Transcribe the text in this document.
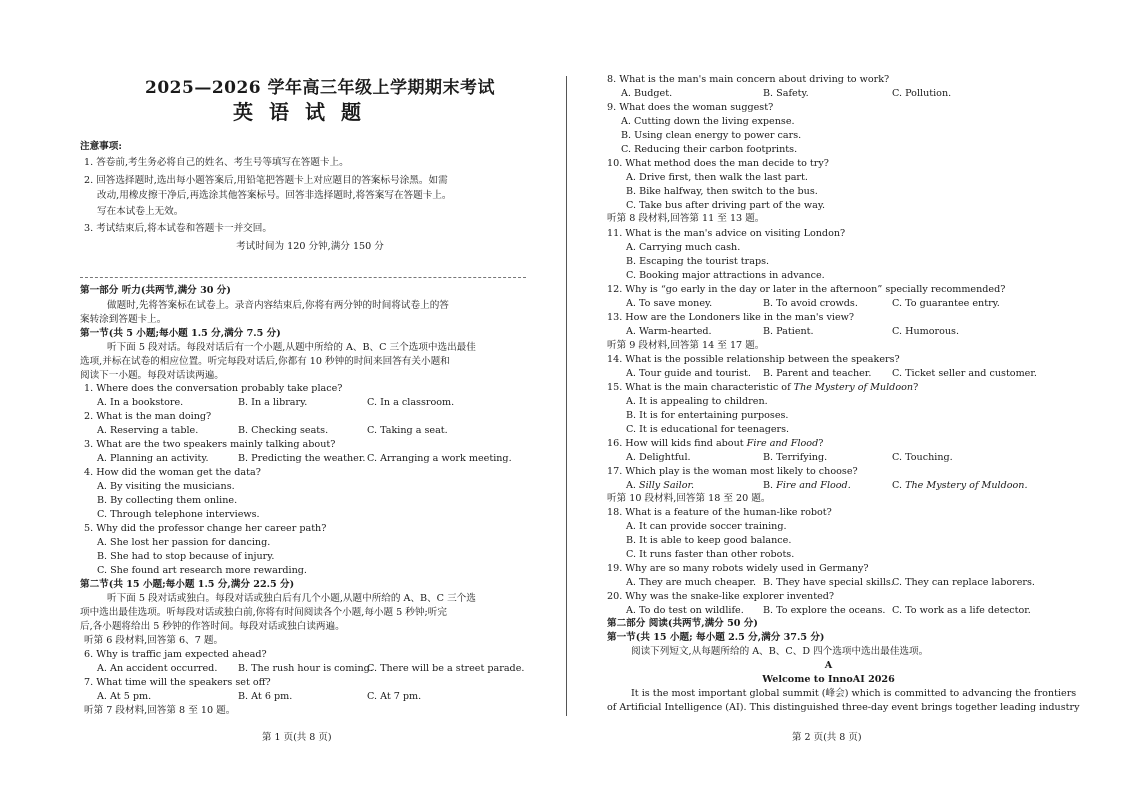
2025—2026 学年高三年级上学期期末考试
英语试题
注意事项:
1. 答卷前,考生务必将自己的姓名、考生号等填写在答题卡上。
2. 回答选择题时,选出每小题答案后,用铅笔把答题卡上对应题目的答案标号涂黑。如需
改动,用橡皮擦干净后,再选涂其他答案标号。回答非选择题时,将答案写在答题卡上。
写在本试卷上无效。
3. 考试结束后,将本试卷和答题卡一并交回。
考试时间为 120 分钟,满分 150 分
第一部分 听力(共两节,满分 30 分)
做题时,先将答案标在试卷上。录音内容结束后,你将有两分钟的时间将试卷上的答
案转涂到答题卡上。
第一节(共 5 小题;每小题 1.5 分,满分 7.5 分)
听下面 5 段对话。每段对话后有一个小题,从题中所给的 A、B、C 三个选项中选出最佳
选项,并标在试卷的相应位置。听完每段对话后,你都有 10 秒钟的时间来回答有关小题和
阅读下一小题。每段对话读两遍。
1. Where does the conversation probably take place?
A. In a bookstore.	B. In a library.	C. In a classroom.
2. What is the man doing?
A. Reserving a table.	B. Checking seats.	C. Taking a seat.
3. What are the two speakers mainly talking about?
A. Planning an activity.	B. Predicting the weather. C. Arranging a work meeting.
4. How did the woman get the data?
A. By visiting the musicians.
B. By collecting them online.
C. Through telephone interviews.
5. Why did the professor change her career path?
A. She lost her passion for dancing.
B. She had to stop because of injury.
C. She found art research more rewarding.
第二节(共 15 小题;每小题 1.5 分,满分 22.5 分)
听下面 5 段对话或独白。每段对话或独白后有几个小题,从题中所给的 A、B、C 三个选
项中选出最佳选项。听每段对话或独白前,你将有时间阅读各个小题,每小题 5 秒钟;听完
后,各小题将给出 5 秒钟的作答时间。每段对话或独白读两遍。
听第 6 段材料,回答第 6、7 题。
6. Why is traffic jam expected ahead?
A. An accident occurred. B. The rush hour is coming.
C. There will be a street parade.
7. What time will the speakers set off?
A. At 5 pm.	B. At 6 pm.	C. At 7 pm.
听第 7 段材料,回答第 8 至 10 题。
8. What is the man's main concern about driving to work?
A. Budget.	B. Safety.	C. Pollution.
9. What does the woman suggest?
A. Cutting down the living expense.
B. Using clean energy to power cars.
C. Reducing their carbon footprints.
10. What method does the man decide to try?
A. Drive first, then walk the last part.
B. Bike halfway, then switch to the bus.
C. Take bus after driving part of the way.
听第 8 段材料,回答第 11 至 13 题。
11. What is the man's advice on visiting London?
A. Carrying much cash.
B. Escaping the tourist traps.
C. Booking major attractions in advance.
12. Why is “go early in the day or later in the afternoon” specially recommended?
A. To save money.	B. To avoid crowds.	C. To guarantee entry.
13. How are the Londoners like in the man's view?
A. Warm-hearted.	B. Patient.	C. Humorous.
听第 9 段材料,回答第 14 至 17 题。
14. What is the possible relationship between the speakers?
A. Tour guide and tourist. B. Parent and teacher. C. Ticket seller and customer.
15. What is the main characteristic of The Mystery of Muldoon?
A. It is appealing to children.
B. It is for entertaining purposes.
C. It is educational for teenagers.
16. How will kids find about Fire and Flood?
A. Delightful.	B. Terrifying.	C. Touching.
17. Which play is the woman most likely to choose?
A. Silly Sailor.	B. Fire and Flood.	C. The Mystery of Muldoon.
听第 10 段材料,回答第 18 至 20 题。
18. What is a feature of the human-like robot?
A. It can provide soccer training.
B. It is able to keep good balance.
C. It runs faster than other robots.
19. Why are so many robots widely used in Germany?
A. They are much cheaper. B. They have special skills.
C. They can replace laborers.
20. Why was the snake-like explorer invented?
A. To do test on wildlife. B. To explore the oceans. C. To work as a life detector.
第二部分 阅读(共两节,满分 50 分)
第一节(共 15 小题; 每小题 2.5 分,满分 37.5 分)
阅读下列短文,从每题所给的 A、B、C、D 四个选项中选出最佳选项。
A
Welcome to InnoAI 2026
It is the most important global summit (峰会) which is committed to advancing the frontiers
of Artificial Intelligence (AI). This distinguished three-day event brings together leading industry
第 1 页(共 8 页)	第 2 页(共 8 页)
